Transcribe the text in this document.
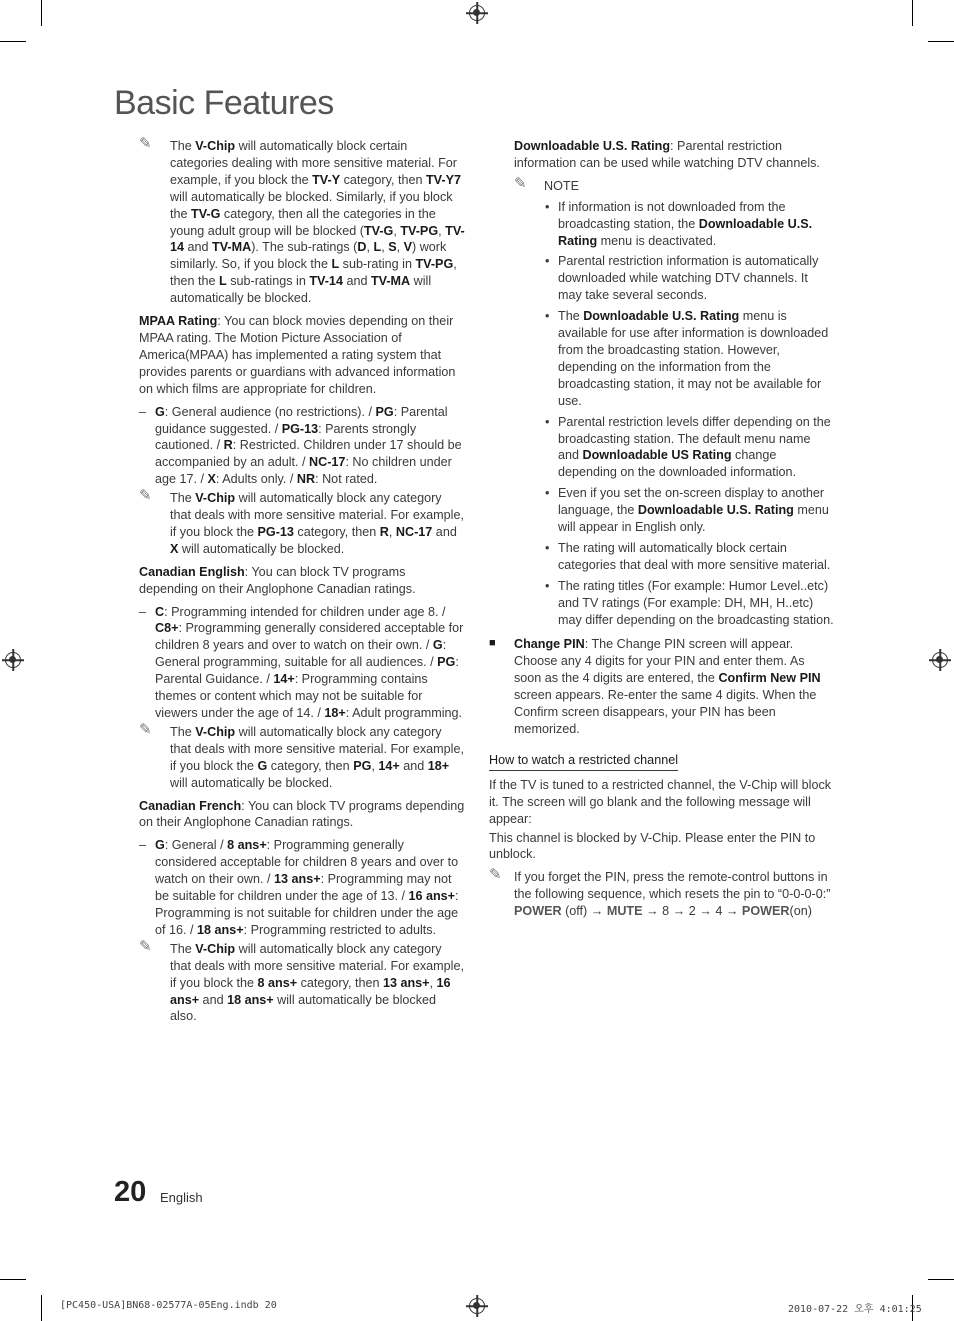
Basic Features
✎ The V-Chip will automatically block certain categories dealing with more sensitive material. For example, if you block the TV-Y category, then TV-Y7 will automatically be blocked. Similarly, if you block the TV-G category, then all the categories in the young adult group will be blocked (TV-G, TV-PG, TV-14 and TV-MA). The sub-ratings (D, L, S, V) work similarly. So, if you block the L sub-rating in TV-PG, then the L sub-ratings in TV-14 and TV-MA will automatically be blocked.

MPAA Rating: You can block movies depending on their MPAA rating. The Motion Picture Association of America(MPAA) has implemented a rating system that provides parents or guardians with advanced information on which films are appropriate for children.

– G: General audience (no restrictions). / PG: Parental guidance suggested. / PG-13: Parents strongly cautioned. / R: Restricted. Children under 17 should be accompanied by an adult. / NC-17: No children under age 17. / X: Adults only. / NR: Not rated.

✎ The V-Chip will automatically block any category that deals with more sensitive material. For example, if you block the PG-13 category, then R, NC-17 and X will automatically be blocked.

Canadian English: You can block TV programs depending on their Anglophone Canadian ratings.

– C: Programming intended for children under age 8. / C8+: Programming generally considered acceptable for children 8 years and over to watch on their own. / G: General programming, suitable for all audiences. / PG: Parental Guidance. / 14+: Programming contains themes or content which may not be suitable for viewers under the age of 14. / 18+: Adult programming.

✎ The V-Chip will automatically block any category that deals with more sensitive material. For example, if you block the G category, then PG, 14+ and 18+ will automatically be blocked.

Canadian French: You can block TV programs depending on their Anglophone Canadian ratings.

– G: General / 8 ans+: Programming generally considered acceptable for children 8 years and over to watch on their own. / 13 ans+: Programming may not be suitable for children under the age of 13. / 16 ans+: Programming is not suitable for children under the age of 16. / 18 ans+: Programming restricted to adults.

✎ The V-Chip will automatically block any category that deals with more sensitive material. For example, if you block the 8 ans+ category, then 13 ans+, 16 ans+ and 18 ans+ will automatically be blocked also.

Downloadable U.S. Rating: Parental restriction information can be used while watching DTV channels.

✎ NOTE
• If information is not downloaded from the broadcasting station, the Downloadable U.S. Rating menu is deactivated.

• Parental restriction information is automatically downloaded while watching DTV channels. It may take several seconds.

• The Downloadable U.S. Rating menu is available for use after information is downloaded from the broadcasting station. However, depending on the information from the broadcasting station, it may not be available for use.

• Parental restriction levels differ depending on the broadcasting station. The default menu name and Downloadable US Rating change depending on the downloaded information.

• Even if you set the on-screen display to another language, the Downloadable U.S. Rating menu will appear in English only.

• The rating will automatically block certain categories that deal with more sensitive material.

• The rating titles (For example: Humor Level..etc) and TV ratings (For example: DH, MH, H..etc) may differ depending on the broadcasting station.

■ Change PIN: The Change PIN screen will appear. Choose any 4 digits for your PIN and enter them. As soon as the 4 digits are entered, the Confirm New PIN screen appears. Re-enter the same 4 digits. When the Confirm screen disappears, your PIN has been memorized.

How to watch a restricted channel

If the TV is tuned to a restricted channel, the V-Chip will block it. The screen will go blank and the following message will appear:

This channel is blocked by V-Chip. Please enter the PIN to unblock.

✎ If you forget the PIN, press the remote-control buttons in the following sequence, which resets the pin to “0-0-0-0:” POWER (off) → MUTE → 8 → 2 → 4 → POWER(on)

20 English
[PC450-USA]BN68-02577A-05Eng.indb 20	2010-07-22 오후 4:01:25
